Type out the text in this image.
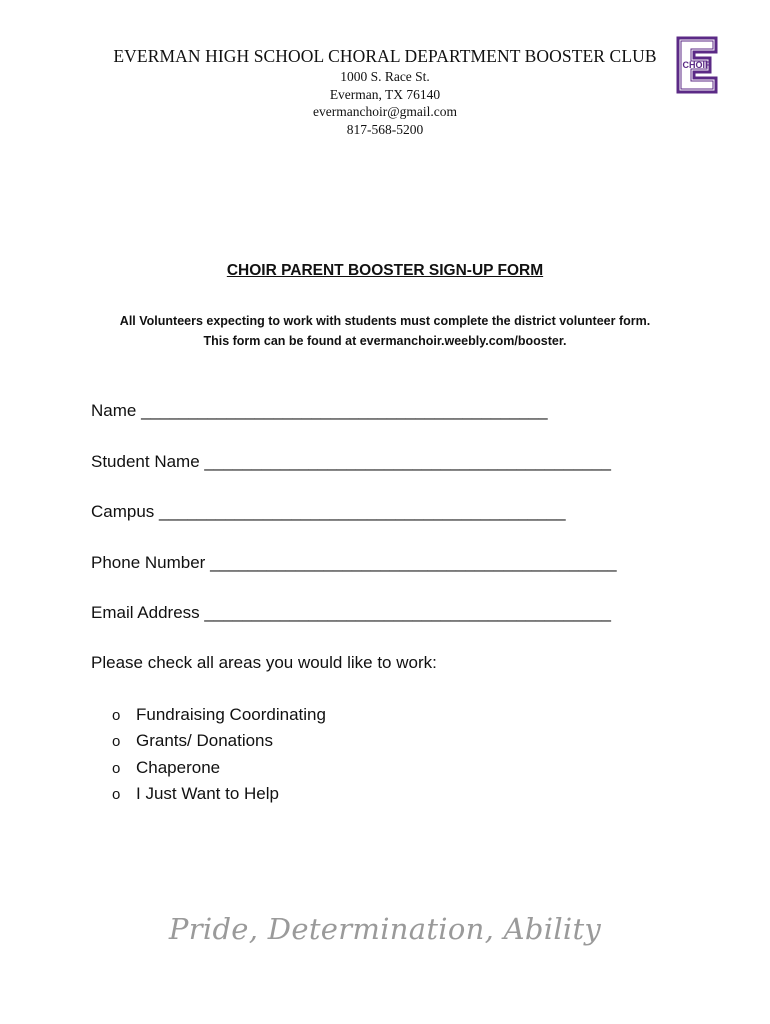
EVERMAN HIGH SCHOOL CHORAL DEPARTMENT BOOSTER CLUB
1000 S. Race St.
Everman, TX 76140
evermanchoir@gmail.com
817-568-5200
CHOIR
CHOIR PARENT BOOSTER SIGN-UP FORM
All Volunteers expecting to work with students must complete the district volunteer form.
This form can be found at evermanchoir.weebly.com/booster.
Name ___________________________________________
Student Name ___________________________________________
Campus ___________________________________________
Phone Number ___________________________________________
Email Address ___________________________________________
Please check all areas you would like to work:
o Fundraising Coordinating
o Grants/ Donations
o Chaperone
o I Just Want to Help
Pride, Determination, Ability
